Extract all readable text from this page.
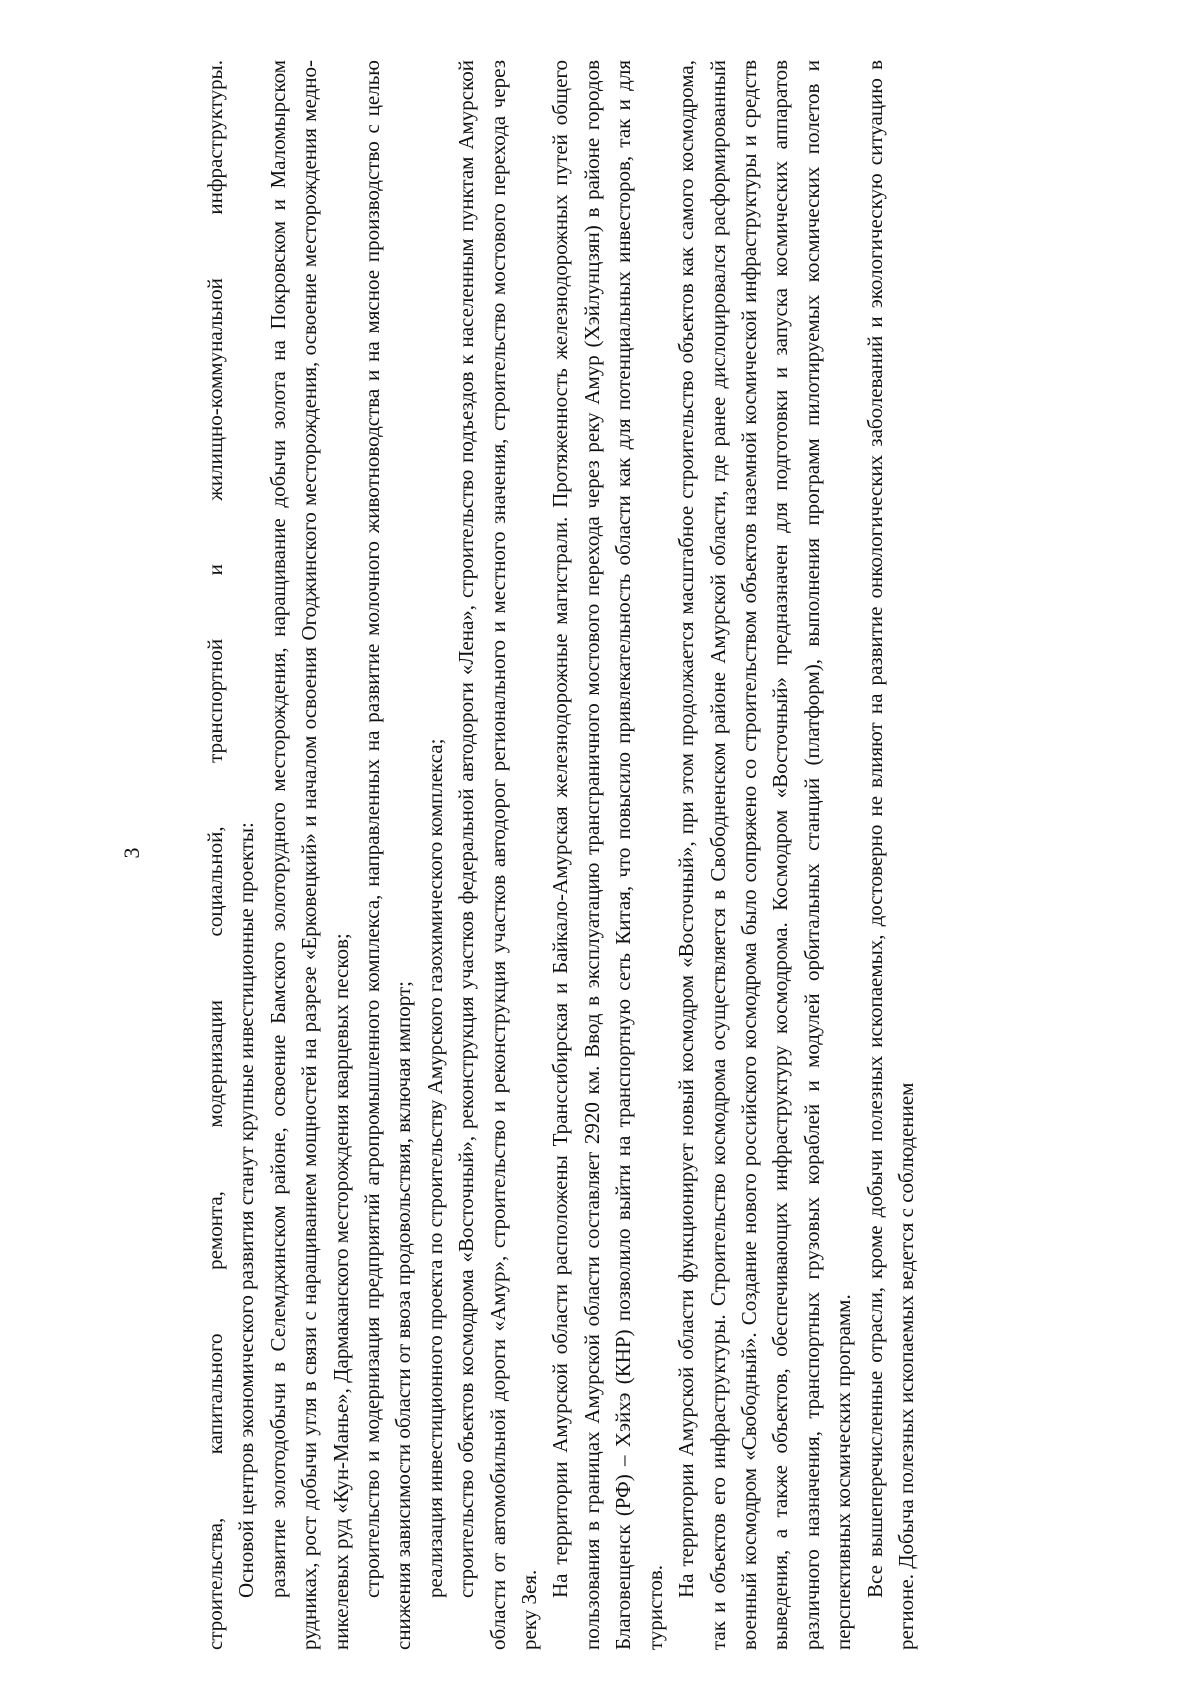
3	строительства, капитального ремонта, модернизации социальной, транспортной и жилищно-коммунальной инфраструктуры. Основой центров экономического развития станут крупные инвестиционные проекты: развитие золотодобычи в Селемджинском районе, освоение Бамского золоторудного месторождения, наращивание добычи золота на Покровском и Маломырском рудниках, рост добычи угля в связи с наращиванием мощностей на разрезе «Ерковецкий» и началом освоения Огоджинского месторождения, освоение месторождения медно-никелевых руд «Кун-Манье», Дармаканского месторождения кварцевых песков; строительство и модернизация предприятий агропромышленного комплекса, направленных на развитие молочного животноводства и на мясное производство с целью снижения зависимости области от ввоза продовольствия, включая импорт; реализация инвестиционного проекта по строительству Амурского газохимического комплекса; строительство объектов космодрома «Восточный», реконструкция участков федеральной автодороги «Лена», строительство подъездов к населенным пунктам Амурской области от автомобильной дороги «Амур», строительство и реконструкция участков автодорог регионального и местного значения, строительство мостового перехода через реку Зея.

На территории Амурской области расположены Транссибирская и Байкало-Амурская железнодорожные магистрали. Протяженность железнодорожных путей общего пользования в границах Амурской области составляет 2920 км. Ввод в эксплуатацию трансграничного мостового перехода через реку Амур (Хэйлунцзян) в районе городов Благовещенск (РФ) – Хэйхэ (КНР) позволило выйти на транспортную сеть Китая, что повысило привлекательность области как для потенциальных инвесторов, так и для туристов.

На территории Амурской области функционирует новый космодром «Восточный», при этом продолжается масштабное строительство объектов как самого космодрома, так и объектов его инфраструктуры. Строительство космодрома осуществляется в Свободненском районе Амурской области, где ранее дислоцировался расформированный военный космодром «Свободный». Создание нового российского космодрома было сопряжено со строительством объектов наземной космической инфраструктуры и средств выведения, а также объектов, обеспечивающих инфраструктуру космодрома. Космодром «Восточный» предназначен для подготовки и запуска космических аппаратов различного назначения, транспортных грузовых кораблей и модулей орбитальных станций (платформ), выполнения программ пилотируемых космических полетов и перспективных космических программ. Все вышеперечисленные отрасли, кроме добычи полезных ископаемых, достоверно не влияют на развитие онкологических заболеваний и экологическую ситуацию в регионе. Добыча полезных ископаемых ведется с соблюдением
